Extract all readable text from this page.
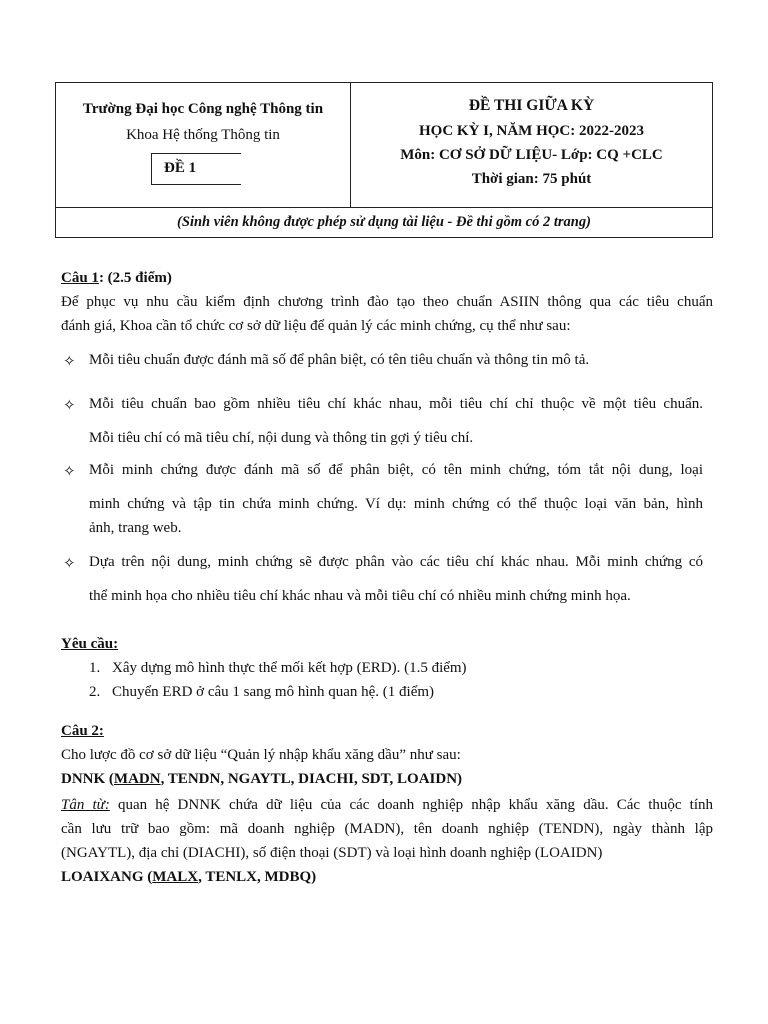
Trường Đại học Công nghệ Thông tin
Khoa Hệ thống Thông tin
ĐỀ 1
ĐỀ THI GIỮA KỲ
HỌC KỲ I, NĂM HỌC: 2022-2023
Môn: CƠ SỞ DỮ LIỆU- Lớp: CQ +CLC
Thời gian: 75 phút
(Sinh viên không được phép sử dụng tài liệu - Đề thi gồm có 2 trang)
Câu 1: (2.5 điểm)
Để phục vụ nhu cầu kiểm định chương trình đào tạo theo chuẩn ASIIN thông qua các tiêu chuẩn
đánh giá, Khoa cần tổ chức cơ sở dữ liệu để quản lý các minh chứng, cụ thể như sau:
✧ Mỗi tiêu chuẩn được đánh mã số để phân biệt, có tên tiêu chuẩn và thông tin mô tả.
✧ Mỗi tiêu chuẩn bao gồm nhiều tiêu chí khác nhau, mỗi tiêu chí chỉ thuộc về một tiêu chuẩn.
Mỗi tiêu chí có mã tiêu chí, nội dung và thông tin gợi ý tiêu chí.
✧ Mỗi minh chứng được đánh mã số để phân biệt, có tên minh chứng, tóm tắt nội dung, loại
minh chứng và tập tin chứa minh chứng. Ví dụ: minh chứng có thể thuộc loại văn bản, hình
ảnh, trang web.
✧ Dựa trên nội dung, minh chứng sẽ được phân vào các tiêu chí khác nhau. Mỗi minh chứng có
thể minh họa cho nhiều tiêu chí khác nhau và mỗi tiêu chí có nhiều minh chứng minh họa.
Yêu cầu:
1. Xây dựng mô hình thực thể mối kết hợp (ERD). (1.5 điểm)
2. Chuyển ERD ở câu 1 sang mô hình quan hệ. (1 điểm)
Câu 2:
Cho lược đồ cơ sở dữ liệu “Quản lý nhập khẩu xăng dầu” như sau:
DNNK (MADN, TENDN, NGAYTL, DIACHI, SDT, LOAIDN)
Tân từ: quan hệ DNNK chứa dữ liệu của các doanh nghiệp nhập khẩu xăng dầu. Các thuộc tính
cần lưu trữ bao gồm: mã doanh nghiệp (MADN), tên doanh nghiệp (TENDN), ngày thành lập
(NGAYTL), địa chỉ (DIACHI), số điện thoại (SDT) và loại hình doanh nghiệp (LOAIDN)
LOAIXANG (MALX, TENLX, MDBQ)
